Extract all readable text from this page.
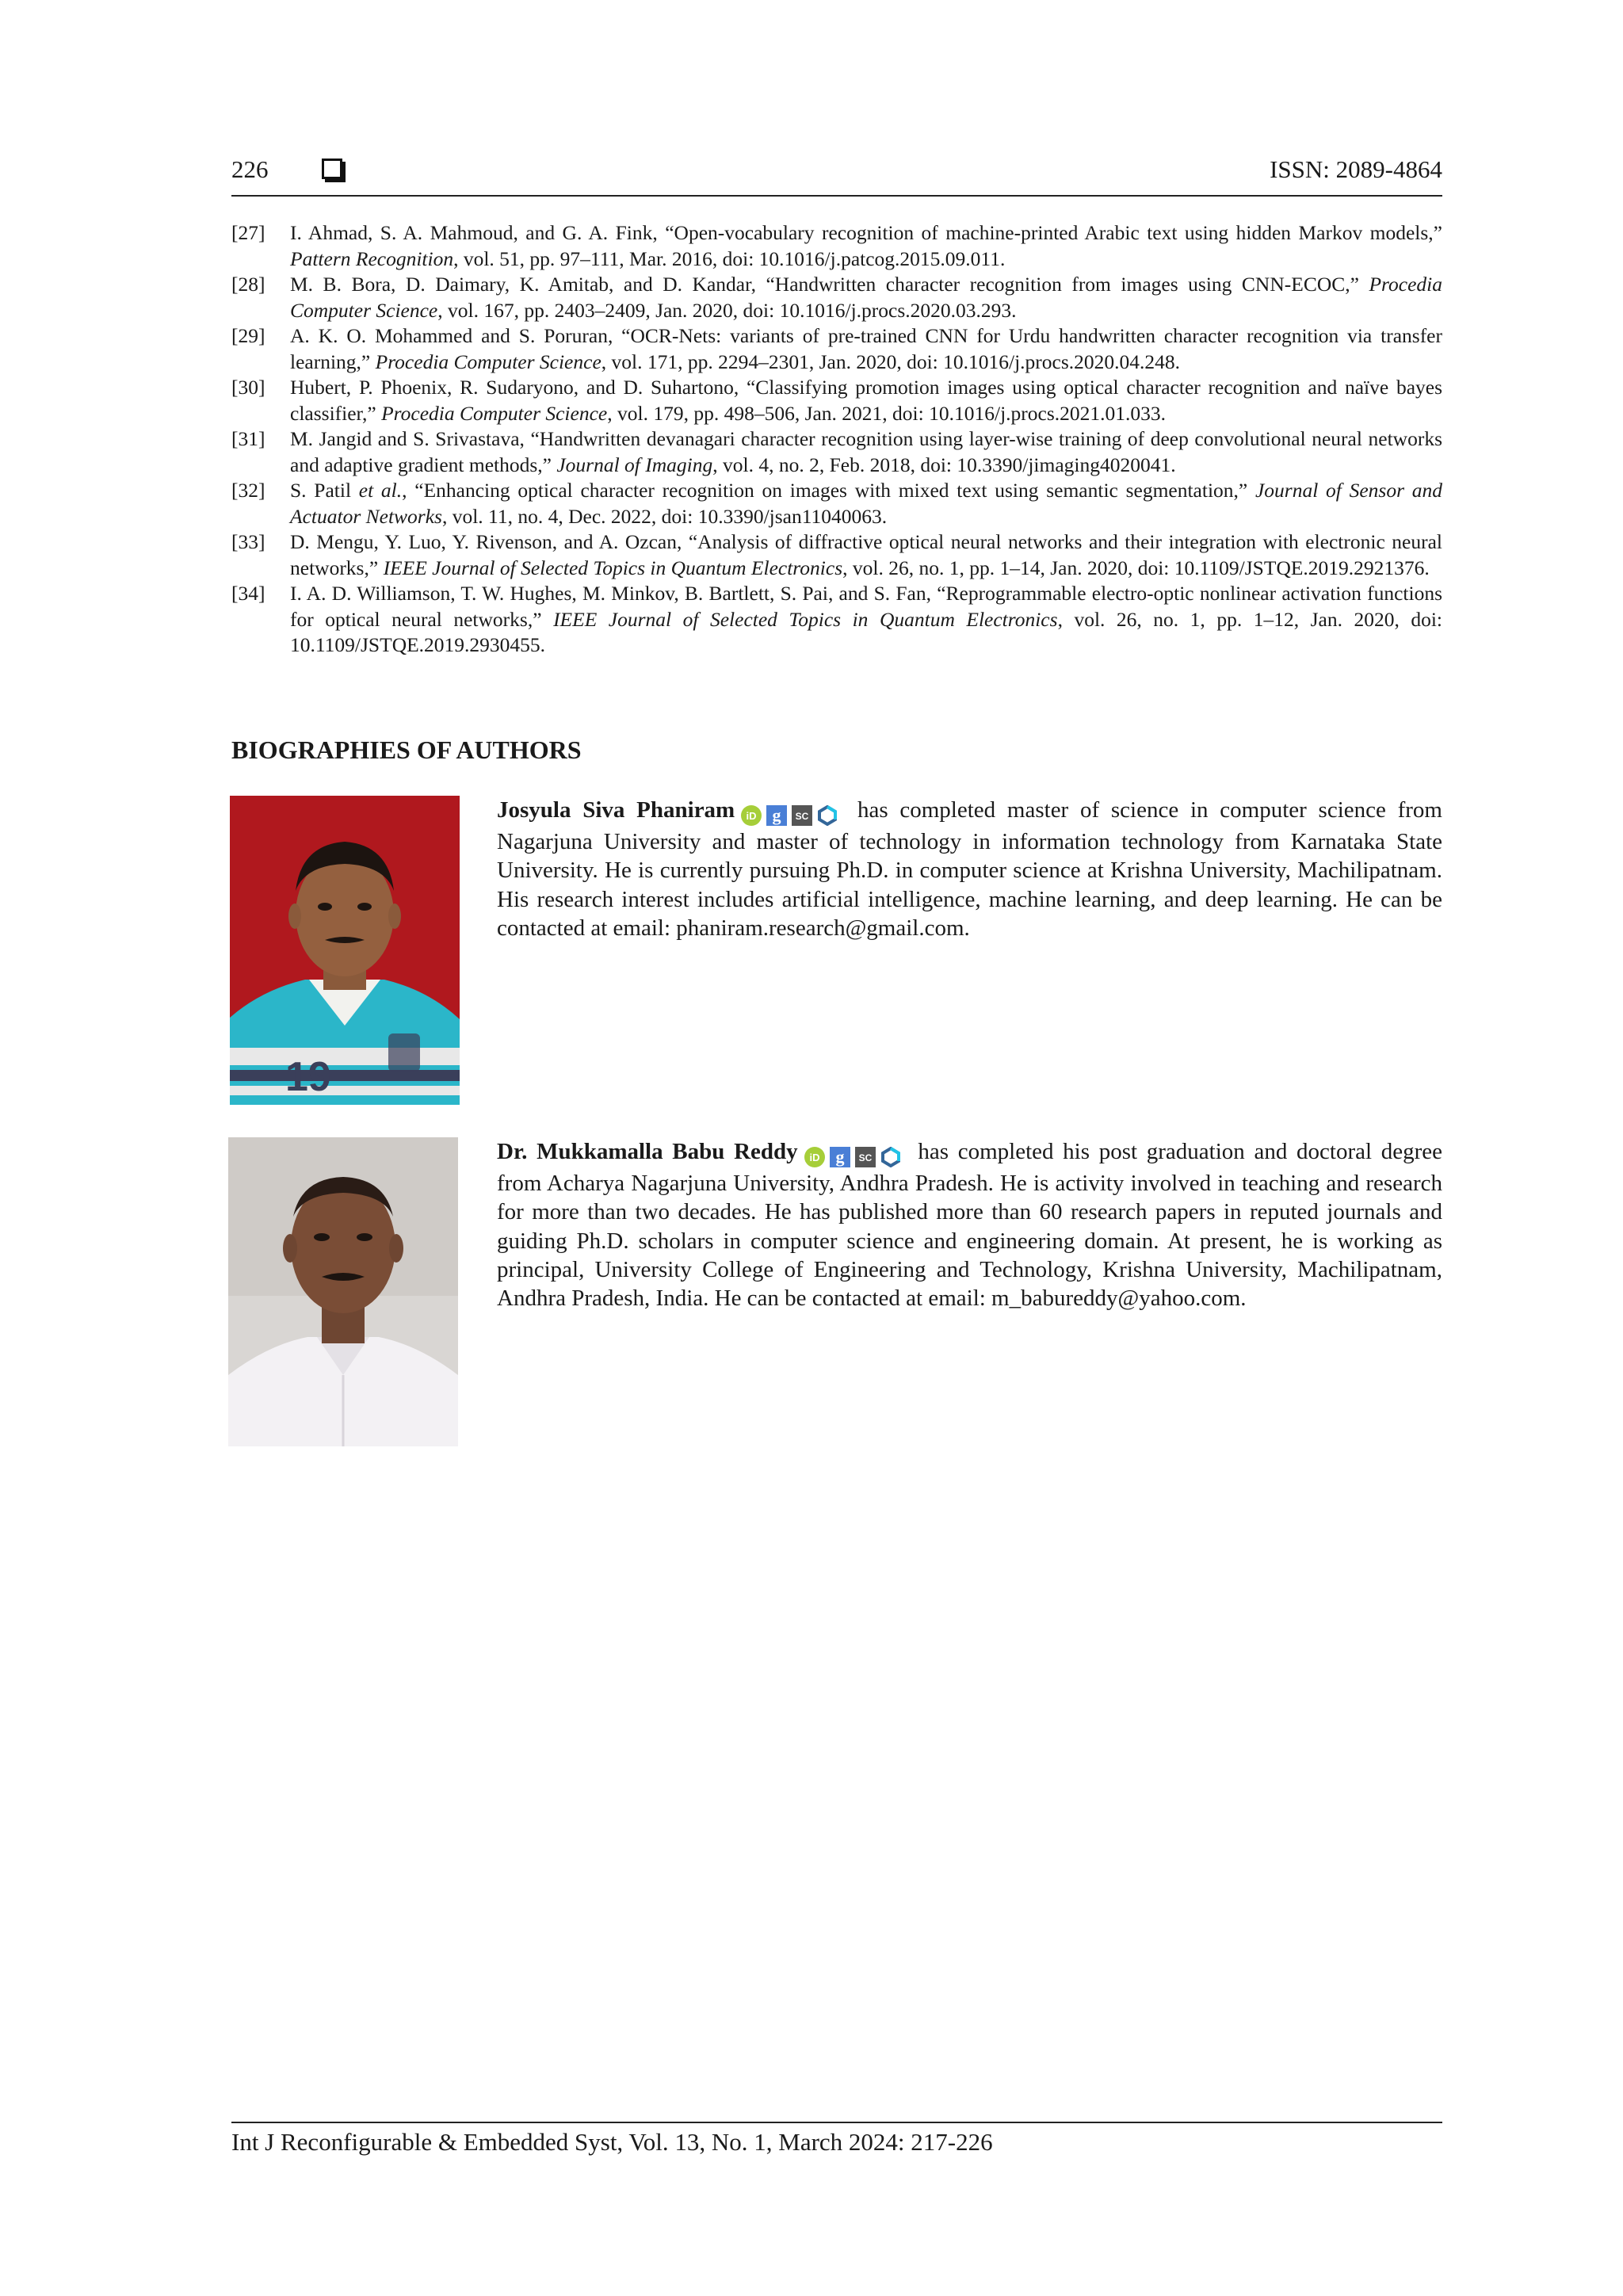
226	ISSN: 2089-4864
[27]	I. Ahmad, S. A. Mahmoud, and G. A. Fink, “Open-vocabulary recognition of machine-printed Arabic text using hidden Markov models,” Pattern Recognition, vol. 51, pp. 97–111, Mar. 2016, doi: 10.1016/j.patcog.2015.09.011.
[28]	M. B. Bora, D. Daimary, K. Amitab, and D. Kandar, “Handwritten character recognition from images using CNN-ECOC,” Procedia Computer Science, vol. 167, pp. 2403–2409, Jan. 2020, doi: 10.1016/j.procs.2020.03.293.
[29]	A. K. O. Mohammed and S. Poruran, “OCR-Nets: variants of pre-trained CNN for Urdu handwritten character recognition via transfer learning,” Procedia Computer Science, vol. 171, pp. 2294–2301, Jan. 2020, doi: 10.1016/j.procs.2020.04.248.
[30]	Hubert, P. Phoenix, R. Sudaryono, and D. Suhartono, “Classifying promotion images using optical character recognition and naïve bayes classifier,” Procedia Computer Science, vol. 179, pp. 498–506, Jan. 2021, doi: 10.1016/j.procs.2021.01.033.
[31]	M. Jangid and S. Srivastava, “Handwritten devanagari character recognition using layer-wise training of deep convolutional neural networks and adaptive gradient methods,” Journal of Imaging, vol. 4, no. 2, Feb. 2018, doi: 10.3390/jimaging4020041.
[32]	S. Patil et al., “Enhancing optical character recognition on images with mixed text using semantic segmentation,” Journal of Sensor and Actuator Networks, vol. 11, no. 4, Dec. 2022, doi: 10.3390/jsan11040063.
[33]	D. Mengu, Y. Luo, Y. Rivenson, and A. Ozcan, “Analysis of diffractive optical neural networks and their integration with electronic neural networks,” IEEE Journal of Selected Topics in Quantum Electronics, vol. 26, no. 1, pp. 1–14, Jan. 2020, doi: 10.1109/JSTQE.2019.2921376.
[34]	I. A. D. Williamson, T. W. Hughes, M. Minkov, B. Bartlett, S. Pai, and S. Fan, “Reprogrammable electro-optic nonlinear activation functions for optical neural networks,” IEEE Journal of Selected Topics in Quantum Electronics, vol. 26, no. 1, pp. 1–12, Jan. 2020, doi: 10.1109/JSTQE.2019.2930455.
BIOGRAPHIES OF AUTHORS
19
Josyula Siva Phaniram iD g SC has completed master of science in computer science from Nagarjuna University and master of technology in information technology from Karnataka State University. He is currently pursuing Ph.D. in computer science at Krishna University, Machilipatnam. His research interest includes artificial intelligence, machine learning, and deep learning. He can be contacted at email: phaniram.research@gmail.com.
Dr. Mukkamalla Babu Reddy iD g SC has completed his post graduation and doctoral degree from Acharya Nagarjuna University, Andhra Pradesh. He is activity involved in teaching and research for more than two decades. He has published more than 60 research papers in reputed journals and guiding Ph.D. scholars in computer science and engineering domain. At present, he is working as principal, University College of Engineering and Technology, Krishna University, Machilipatnam, Andhra Pradesh, India. He can be contacted at email: m_babureddy@yahoo.com.
Int J Reconfigurable & Embedded Syst, Vol. 13, No. 1, March 2024: 217-226
